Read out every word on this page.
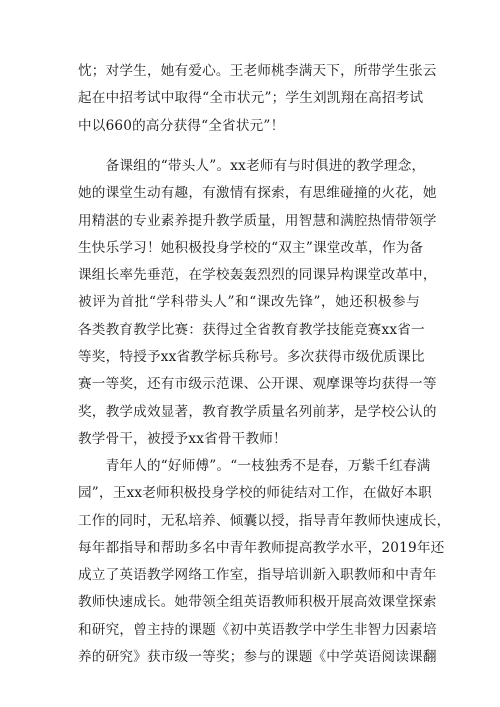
忱；对学生，她有爱心。王老师桃李满天下，所带学生张云
起在中招考试中取得“全市状元”；学生刘凯翔在高招考试
中以660的高分获得“全省状元”！
　　备课组的“带头人”。xx老师有与时俱进的教学理念，
她的课堂生动有趣，有激情有探索，有思维碰撞的火花，她
用精湛的专业素养提升教学质量，用智慧和满腔热情带领学
生快乐学习！她积极投身学校的“双主”课堂改革，作为备
课组长率先垂范，在学校轰轰烈烈的同课异构课堂改革中，
被评为首批“学科带头人”和“课改先锋”，她还积极参与
各类教育教学比赛：获得过全省教育教学技能竞赛xx省一
等奖，特授予xx省教学标兵称号。多次获得市级优质课比
赛一等奖，还有市级示范课、公开课、观摩课等均获得一等
奖，教学成效显著，教育教学质量名列前茅，是学校公认的
教学骨干，被授予xx省骨干教师！
　　青年人的“好师傅”。“一枝独秀不是春，万紫千红春满
园”，王xx老师积极投身学校的师徒结对工作，在做好本职
工作的同时，无私培养、倾囊以授，指导青年教师快速成长，
每年都指导和帮助多名中青年教师提高教学水平，2019年还
成立了英语教学网络工作室，指导培训新入职教师和中青年
教师快速成长。她带领全组英语教师积极开展高效课堂探索
和研究，曾主持的课题《初中英语教学中学生非智力因素培
养的研究》获市级一等奖；参与的课题《中学英语阅读课翻
